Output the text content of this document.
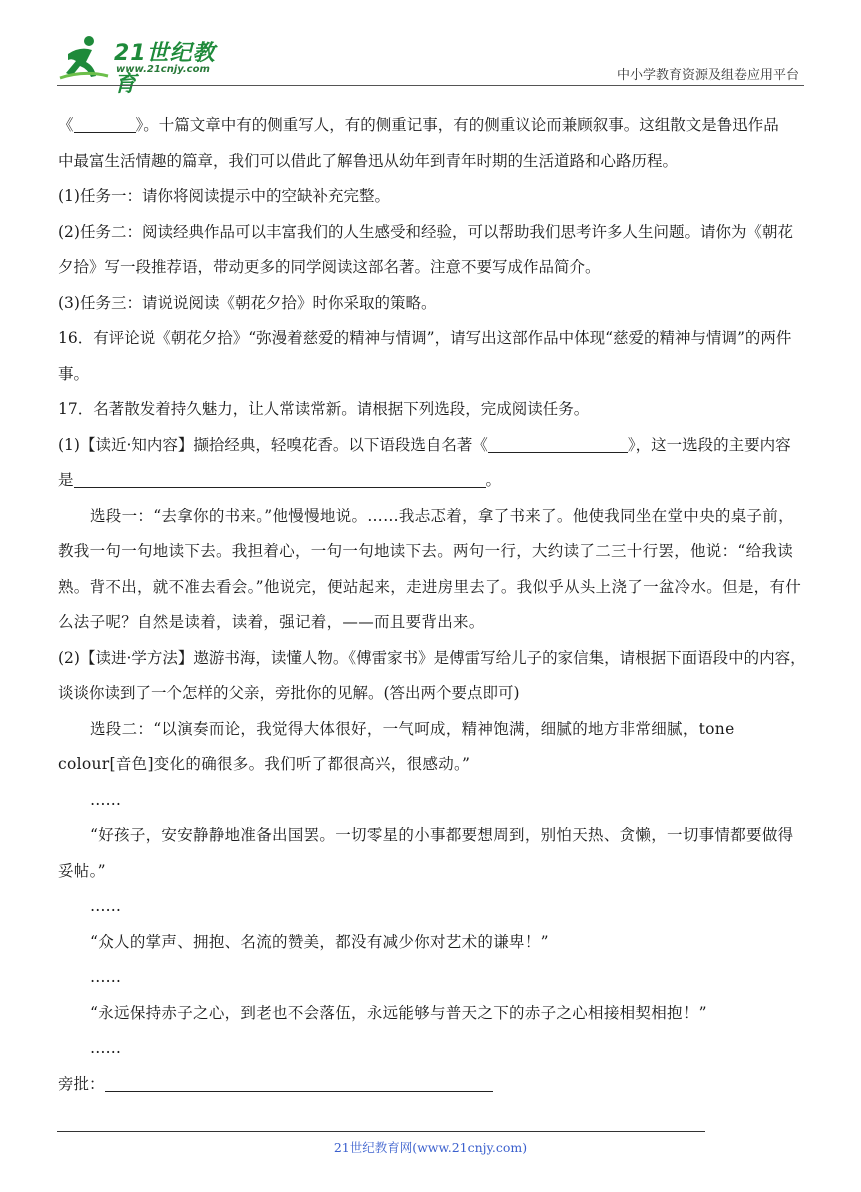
21世纪教育
www.21cnjy.com	中小学教育资源及组卷应用平台

《	》。十篇文章中有的侧重写人，有的侧重记事，有的侧重议论而兼顾叙事。这组散文是鲁迅作品

中最富生活情趣的篇章，我们可以借此了解鲁迅从幼年到青年时期的生活道路和心路历程。

(1)任务一：请你将阅读提示中的空缺补充完整。

(2)任务二：阅读经典作品可以丰富我们的人生感受和经验，可以帮助我们思考许多人生问题。请你为《朝花夕拾》写一段推荐语，带动更多的同学阅读这部名著。注意不要写成作品简介。

(3)任务三：请说说阅读《朝花夕拾》时你采取的策略。

16．有评论说《朝花夕拾》“弥漫着慈爱的精神与情调”，请写出这部作品中体现“慈爱的精神与情调”的两件事。

17．名著散发着持久魅力，让人常读常新。请根据下列选段，完成阅读任务。

(1)【读近·知内容】撷拾经典，轻嗅花香。以下语段选自名著《	》，这一选段的主要内容
是	。

选段一：“去拿你的书来。”他慢慢地说。……我忐忑着，拿了书来了。他使我同坐在堂中央的桌子前，教我一句一句地读下去。我担着心，一句一句地读下去。两句一行，大约读了二三十行罢，他说：“给我读熟。背不出，就不准去看会。”他说完，便站起来，走进房里去了。我似乎从头上浇了一盆冷水。但是，有什么法子呢？自然是读着，读着，强记着，——而且要背出来。

(2)【读进·学方法】遨游书海，读懂人物。《傅雷家书》是傅雷写给儿子的家信集，请根据下面语段中的内容，谈谈你读到了一个怎样的父亲，旁批你的见解。(答出两个要点即可)

选段二：“以演奏而论，我觉得大体很好，一气呵成，精神饱满，细腻的地方非常细腻，tone colour[音色]变化的确很多。我们听了都很高兴，很感动。”

……

“好孩子，安安静静地准备出国罢。一切零星的小事都要想周到，别怕天热、贪懒，一切事情都要做得妥帖。”

……

“众人的掌声、拥抱、名流的赞美，都没有减少你对艺术的谦卑！”

……

“永远保持赤子之心，到老也不会落伍，永远能够与普天之下的赤子之心相接相契相抱！”

……

旁批：

21世纪教育网(www.21cnjy.com)
